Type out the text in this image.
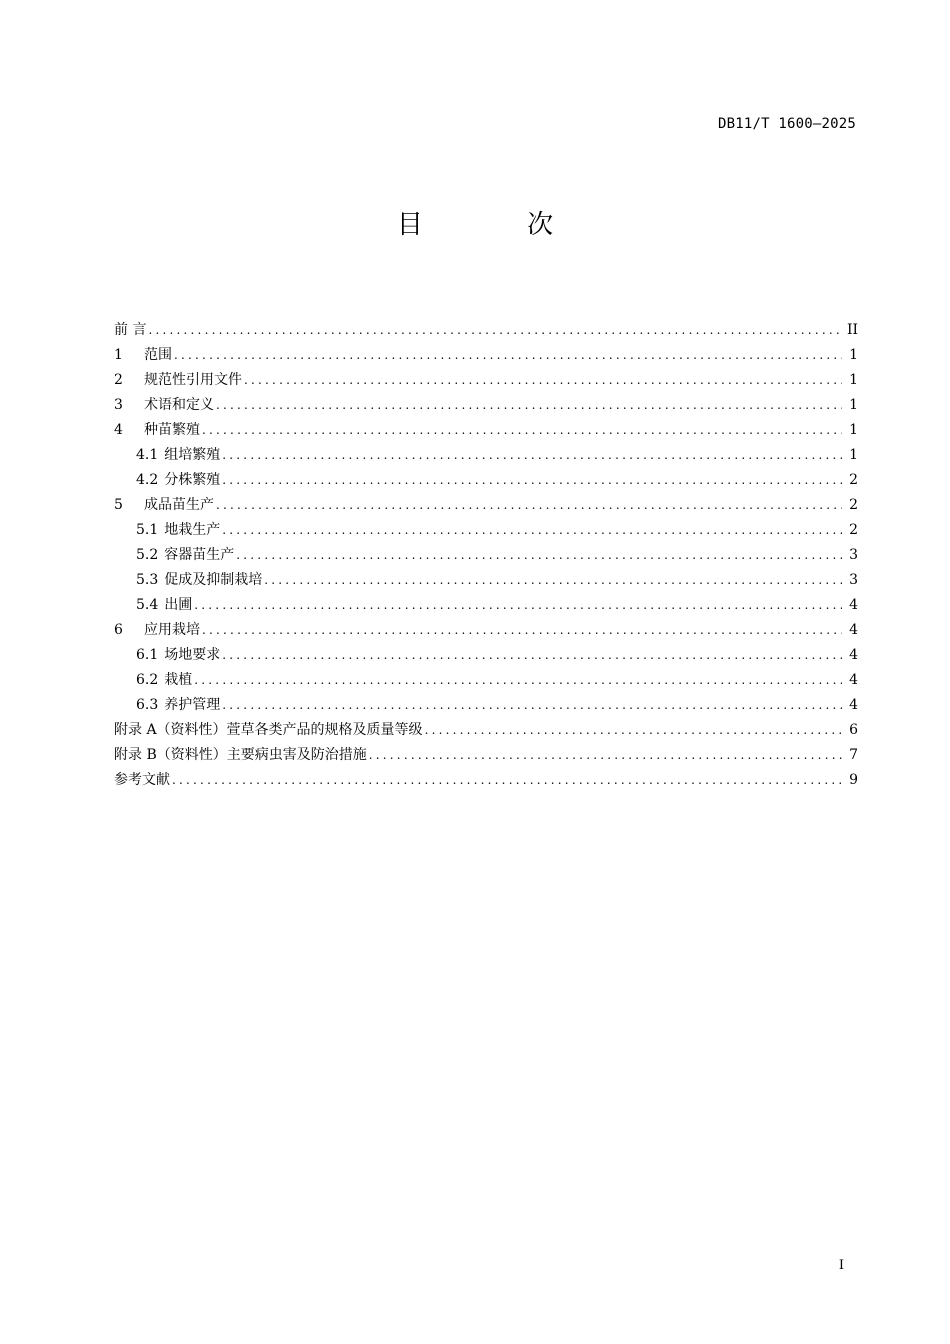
DB11/T 1600—2025
目 次
前 言 .....	II
1 范围 .....	1
2 规范性引用文件 .....	1
3 术语和定义 .....	1
4 种苗繁殖 .....	1
4.1 组培繁殖 .....	1
4.2 分株繁殖 .....	2
5 成品苗生产 .....	2
5.1 地栽生产 .....	2
5.2 容器苗生产 .....	3
5.3 促成及抑制栽培 .....	3
5.4 出圃 .....	4
6 应用栽培 .....	4
6.1 场地要求 .....	4
6.2 栽植 .....	4
6.3 养护管理 .....	4
附录 A（资料性）萱草各类产品的规格及质量等级 .....	6
附录 B（资料性）主要病虫害及防治措施 .....	7
参考文献 .....	9
I
